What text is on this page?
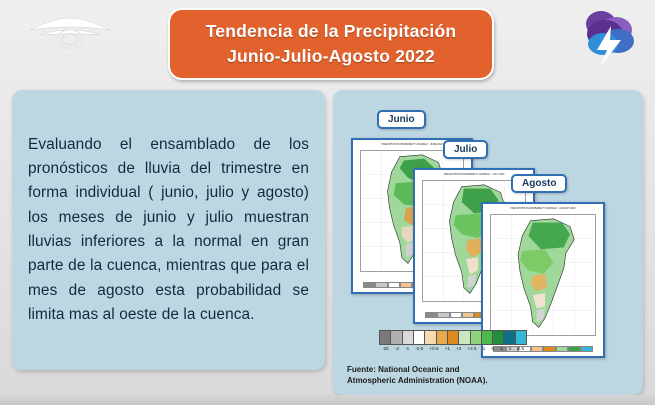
DINAC
Tendencia de la Precipitación
Junio-Julio-Agosto 2022

Evaluando el ensamblado de los pronósticos de lluvia del trimestre en forma individual ( junio, julio y agosto) los meses de junio y julio muestran lluvias inferiores a la normal en gran parte de la cuenca, mientras que para el mes de agosto esta probabilidad se limita mas al oeste de la cuenca.

Junio
PRECIPITATION PROBABILITY ANOMALY - JUNE 2022	Julio
PRECIPITATION PROBABILITY ANOMALY - JULY 2022
Agosto
PRECIPITATION PROBABILITY ANOMALY - AUGUST 2022
-25	-2	-1	-0.5	+0.5	+1	+2	+2.5	1	5	1	2	2.5
Fuente: National Oceanic and
Atmospheric Administration (NOAA).
